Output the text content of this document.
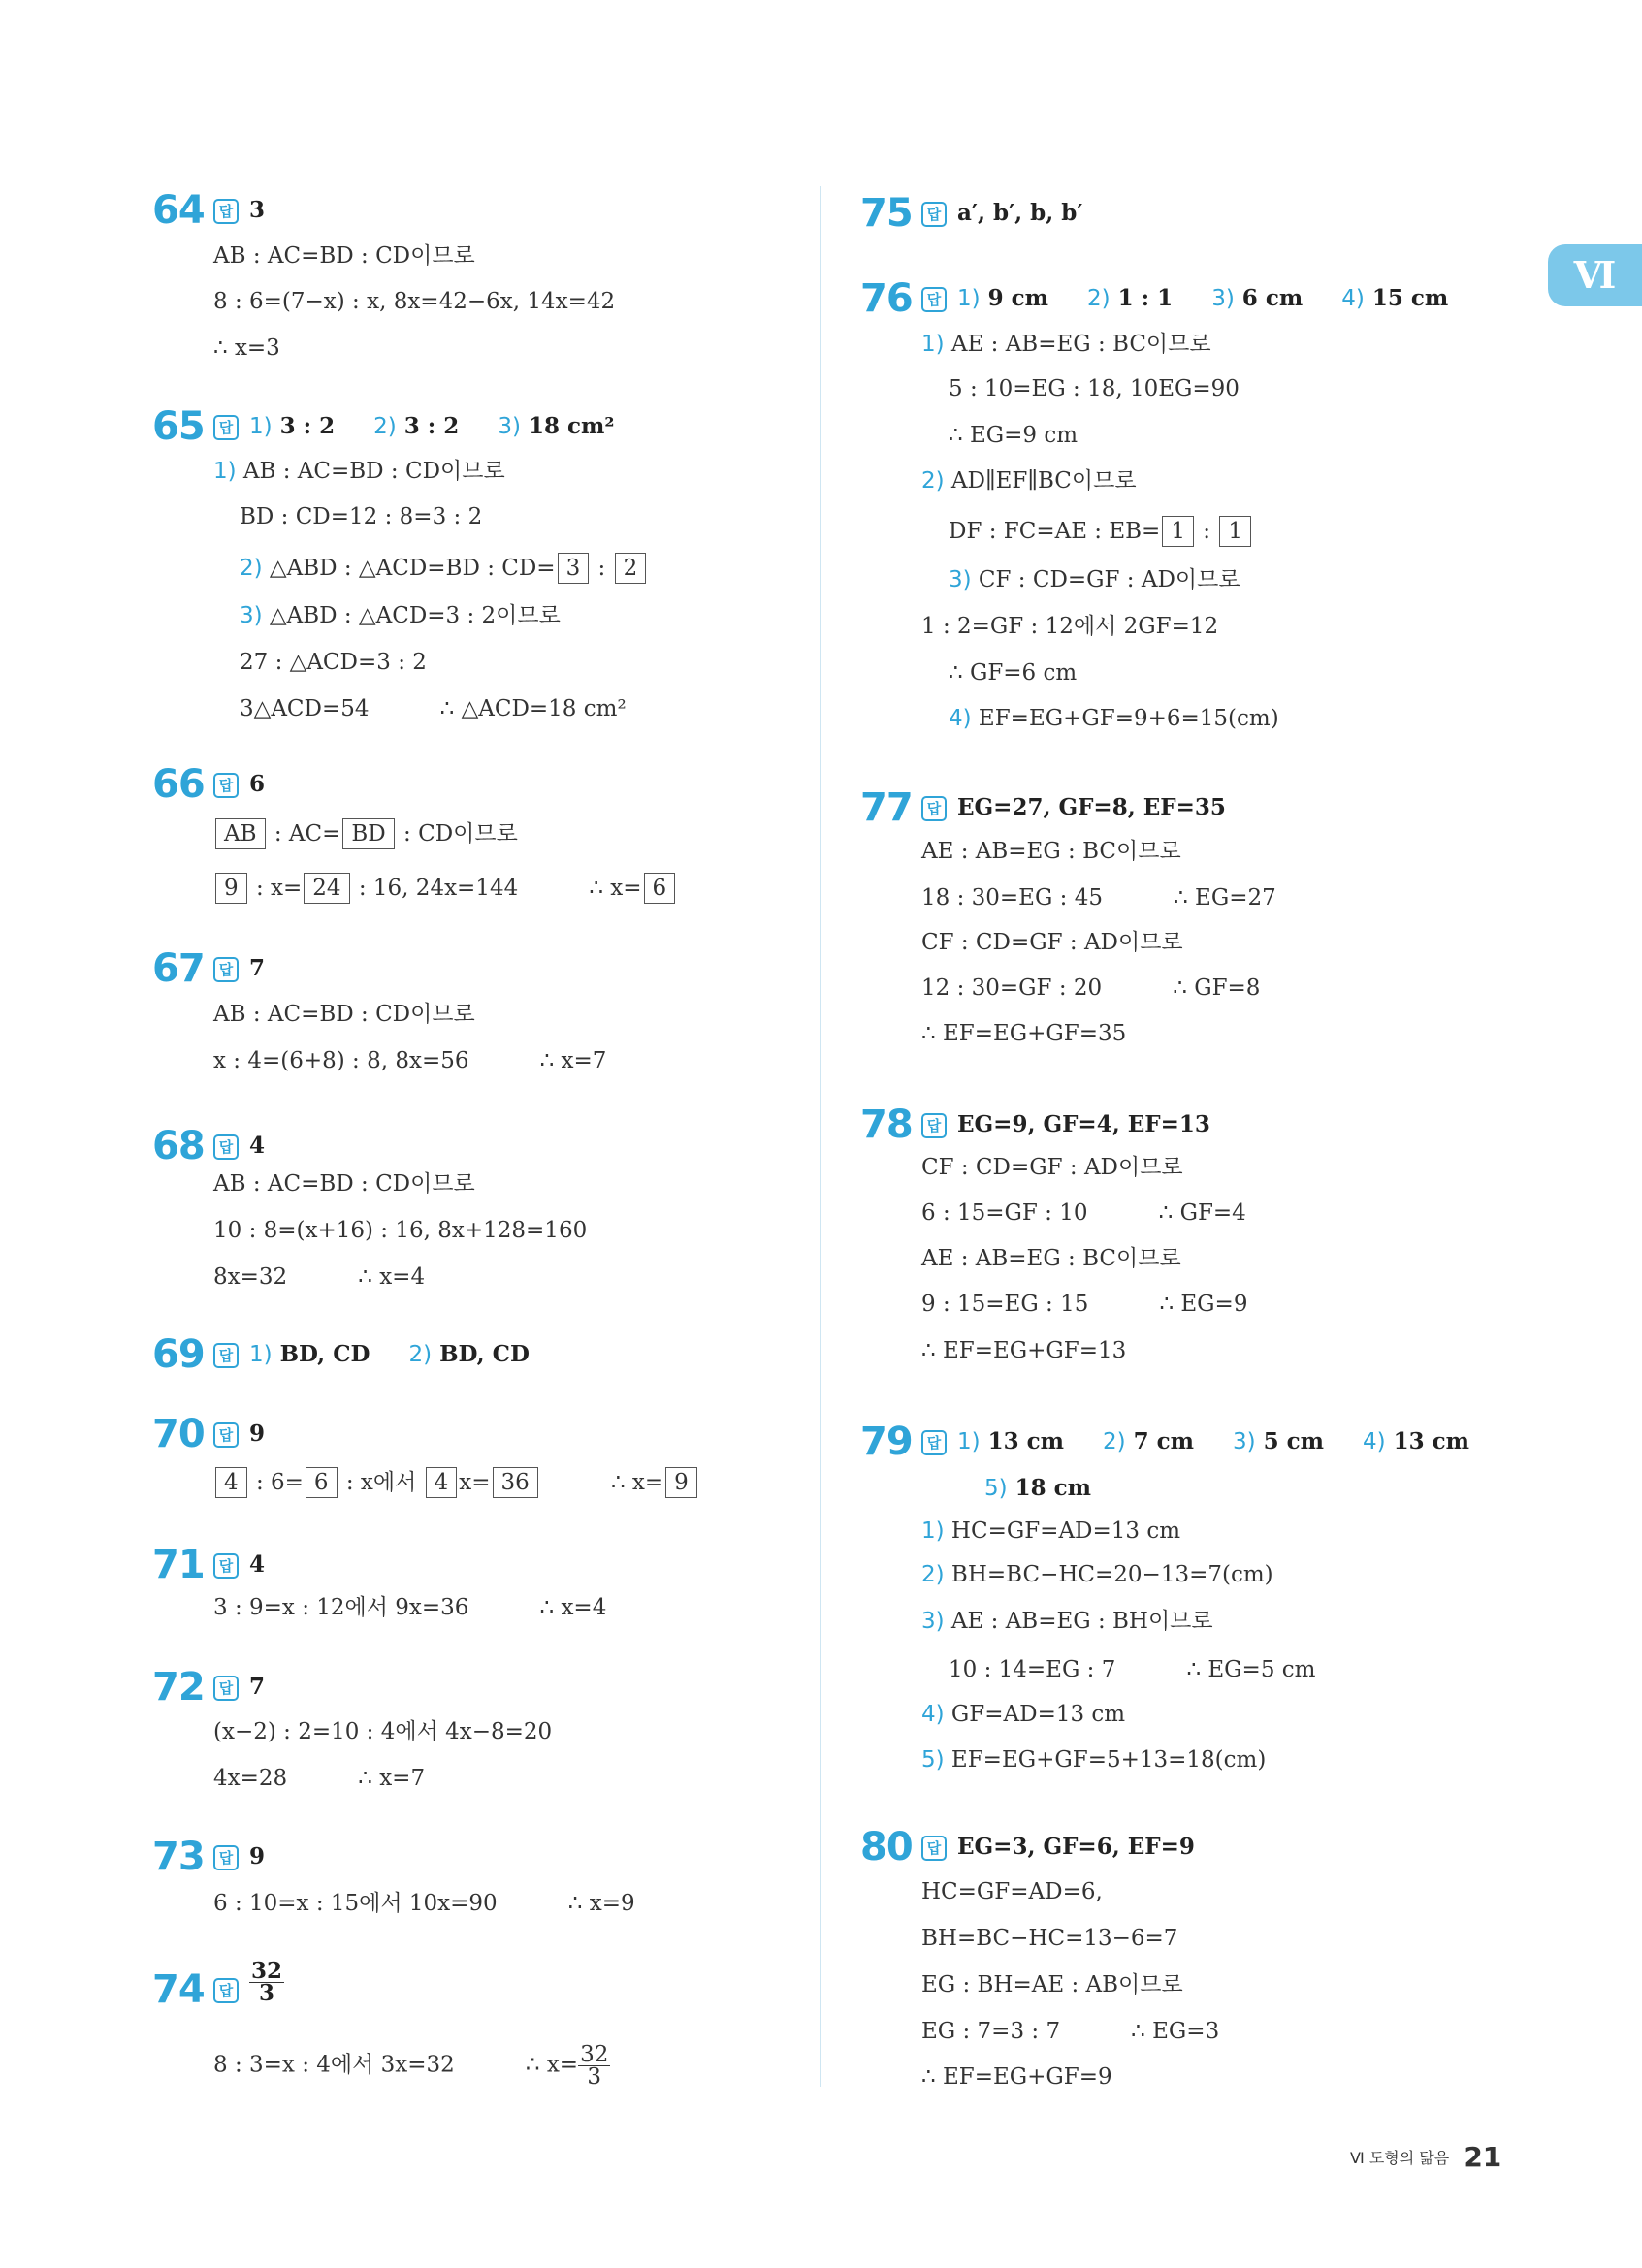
Ⅵ
64	답 3
AB : AC=BD : CD이므로
8 : 6=(7−x) : x, 8x=42−6x, 14x=42
∴ x=3
65	답 1) 3 : 2     2) 3 : 2     3) 18 cm²
1) AB : AC=BD : CD이므로
BD : CD=12 : 8=3 : 2
2) △ABD : △ACD=BD : CD= 3 : 2
3) △ABD : △ACD=3 : 2이므로
27 : △ACD=3 : 2
3△ACD=54          ∴ △ACD=18 cm²
66	답 6
AB : AC= BD : CD이므로
9 : x= 24 : 16, 24x=144          ∴ x= 6
67	답 7
AB : AC=BD : CD이므로
x : 4=(6+8) : 8, 8x=56          ∴ x=7
68	답 4
AB : AC=BD : CD이므로
10 : 8=(x+16) : 16, 8x+128=160
8x=32          ∴ x=4
69	답 1) BD, CD     2) BD, CD
70	답 9
4 : 6= 6 : x에서 4 x= 36          ∴ x= 9
71	답 4
3 : 9=x : 12에서 9x=36          ∴ x=4
72	답 7
(x−2) : 2=10 : 4에서 4x−8=20
4x=28          ∴ x=7
73	답 9
6 : 10=x : 15에서 10x=90          ∴ x=9
74	답 $\frac{32}{3}$
8 : 3=x : 4에서 3x=32          ∴ $x= \frac{32}{3}$
75	답 a′, b′, b, b′
76	답 1) 9 cm     2) 1 : 1     3) 6 cm     4) 15 cm
1) AE : AB=EG : BC이므로
5 : 10=EG : 18, 10EG=90
∴ EG=9 cm
2) AD∥EF∥BC이므로
DF : FC=AE : EB= 1 : 1
3) CF : CD=GF : AD이므로
1 : 2=GF : 12에서 2GF=12
∴ GF=6 cm
4) EF=EG+GF=9+6=15(cm)
77	답 EG=27, GF=8, EF=35
AE : AB=EG : BC이므로
18 : 30=EG : 45          ∴ EG=27
CF : CD=GF : AD이므로
12 : 30=GF : 20          ∴ GF=8
∴ EF=EG+GF=35
78	답 EG=9, GF=4, EF=13
CF : CD=GF : AD이므로
6 : 15=GF : 10          ∴ GF=4
AE : AB=EG : BC이므로
9 : 15=EG : 15          ∴ EG=9
∴ EF=EG+GF=13
79	답 1) 13 cm     2) 7 cm     3) 5 cm     4) 13 cm
5) 18 cm
1) HC=GF=AD=13 cm
2) BH=BC−HC=20−13=7(cm)
3) AE : AB=EG : BH이므로
10 : 14=EG : 7          ∴ EG=5 cm
4) GF=AD=13 cm
5) EF=EG+GF=5+13=18(cm)
80	답 EG=3, GF=6, EF=9
HC=GF=AD=6,
BH=BC−HC=13−6=7
EG : BH=AE : AB이므로
EG : 7=3 : 7          ∴ EG=3
∴ EF=EG+GF=9
Ⅵ 도형의 닮음 21
